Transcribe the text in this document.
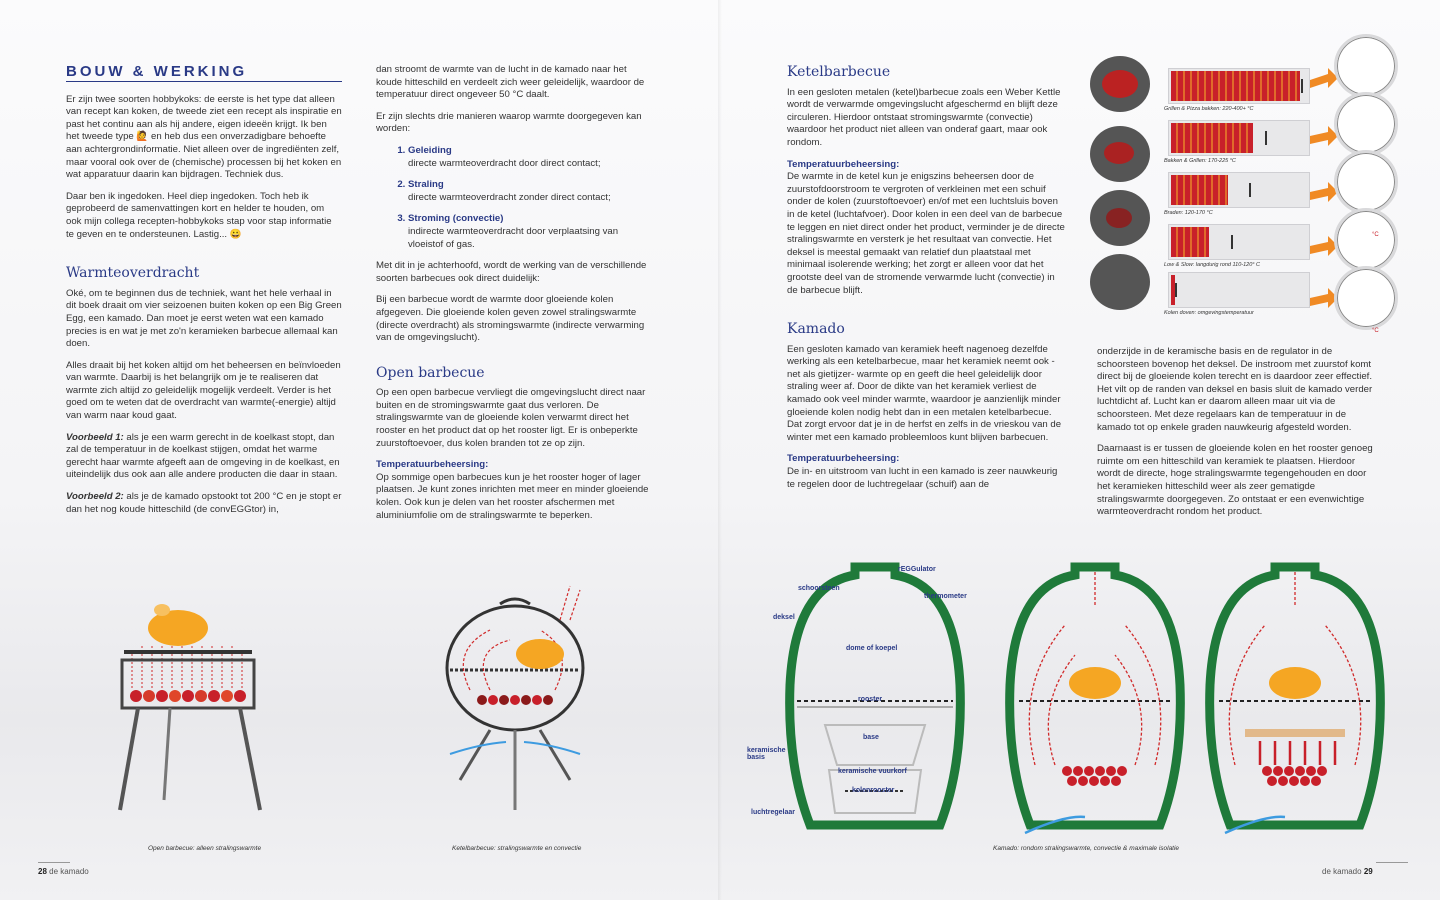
BOUW & WERKING

Er zijn twee soorten hobbykoks: de eerste is het type dat alleen van recept kan koken, de tweede ziet een recept als inspiratie en past het continu aan als hij andere, eigen ideeën krijgt. Ik ben het tweede type 🙋 en heb dus een onverzadigbare behoefte aan achtergrondinformatie. Niet alleen over de ingrediënten zelf, maar vooral ook over de (chemische) processen bij het koken en wat apparatuur daarin kan bijdragen. Techniek dus.

Daar ben ik ingedoken. Heel diep ingedoken. Toch heb ik geprobeerd de samenvattingen kort en helder te houden, om ook mijn collega recepten-hobbykoks stap voor stap informatie te geven en te ondersteunen. Lastig... 😀

Warmteoverdracht

Oké, om te beginnen dus de techniek, want het hele verhaal in dit boek draait om vier seizoenen buiten koken op een Big Green Egg, een kamado. Dan moet je eerst weten wat een kamado precies is en wat je met zo'n keramieken barbecue allemaal kan doen.

Alles draait bij het koken altijd om het beheersen en beïnvloeden van warmte. Daarbij is het belangrijk om je te realiseren dat warmte zich altijd zo geleidelijk mogelijk verdeelt. Verder is het goed om te weten dat de overdracht van warmte(-energie) altijd van warm naar koud gaat.

Voorbeeld 1: als je een warm gerecht in de koelkast stopt, dan zal de temperatuur in de koelkast stijgen, omdat het warme gerecht haar warmte afgeeft aan de omgeving in de koelkast, en uiteindelijk dus ook aan alle andere producten die daar in staan.

Voorbeeld 2: als je de kamado opstookt tot 200 °C en je stopt er dan het nog koude hitteschild (de convEGGtor) in,

dan stroomt de warmte van de lucht in de kamado naar het koude hitteschild en verdeelt zich weer geleidelijk, waardoor de temperatuur direct ongeveer 50 °C daalt.

Er zijn slechts drie manieren waarop warmte doorgegeven kan worden:

1. Geleiding
directe warmteoverdracht door direct contact;
2. Straling
directe warmteoverdracht zonder direct contact;
3. Stroming (convectie)
indirecte warmteoverdracht door verplaatsing van vloeistof of gas.

Met dit in je achterhoofd, wordt de werking van de verschillende soorten barbecues ook direct duidelijk:

Bij een barbecue wordt de warmte door gloeiende kolen afgegeven. Die gloeiende kolen geven zowel stralingswarmte (directe overdracht) als stromingswarmte (indirecte verwarming van de omgevingslucht).

Open barbecue

Op een open barbecue vervliegt die omgevingslucht direct naar buiten en de stromingswarmte gaat dus verloren. De stralingswarmte van de gloeiende kolen verwarmt direct het rooster en het product dat op het rooster ligt. Er is onbeperkte zuurstoftoevoer, dus kolen branden tot ze op zijn.

Temperatuurbeheersing:

Op sommige open barbecues kun je het rooster hoger of lager plaatsen. Je kunt zones inrichten met meer en minder gloeiende kolen. Ook kun je delen van het rooster afschermen met aluminiumfolie om de stralingswarmte te beperken.

Open barbecue: alleen stralingswarmte	Ketelbarbecue: stralingswarmte en convectie
28 de kamado
Ketelbarbecue

In een gesloten metalen (ketel)barbecue zoals een Weber Kettle wordt de verwarmde omgevingslucht afgeschermd en blijft deze circuleren. Hierdoor ontstaat stromingswarmte (convectie) waardoor het product niet alleen van onderaf gaart, maar ook rondom.

Temperatuurbeheersing:

De warmte in de ketel kun je enigszins beheersen door de zuurstofdoorstroom te vergroten of verkleinen met een schuif onder de kolen (zuurstoftoevoer) en/of met een luchtsluis boven in de ketel (luchtafvoer). Door kolen in een deel van de barbecue te leggen en niet direct onder het product, verminder je de directe stralingswarmte en versterk je het resultaat van convectie. Het deksel is meestal gemaakt van relatief dun plaatstaal met minimaal isolerende werking; het zorgt er alleen voor dat het grootste deel van de stromende verwarmde lucht (convectie) in de barbecue blijft.

Kamado

Een gesloten kamado van keramiek heeft nagenoeg dezelfde werking als een ketelbarbecue, maar het keramiek neemt ook -net als gietijzer- warmte op en geeft die heel geleidelijk door straling weer af. Door de dikte van het keramiek verliest de kamado ook veel minder warmte, waardoor je aanzienlijk minder gloeiende kolen nodig hebt dan in een metalen ketelbarbecue. Dat zorgt ervoor dat je in de herfst en zelfs in de vrieskou van de winter met een kamado probleemloos kunt blijven barbecuen.

Temperatuurbeheersing:

De in- en uitstroom van lucht in een kamado is zeer nauwkeurig te regelen door de luchtregelaar (schuif) aan de

onderzijde in de keramische basis en de regulator in de schoorsteen bovenop het deksel. De instroom met zuurstof komt direct bij de gloeiende kolen terecht en is daardoor zeer effectief. Het vilt op de randen van deksel en basis sluit de kamado verder luchtdicht af. Lucht kan er daarom alleen maar uit via de schoorsteen. Met deze regelaars kan de temperatuur in de kamado tot op enkele graden nauwkeurig afgesteld worden.

Daarnaast is er tussen de gloeiende kolen en het rooster genoeg ruimte om een hitteschild van keramiek te plaatsen. Hierdoor wordt de directe, hoge stralingswarmte tegengehouden en door het keramieken hitteschild weer als zeer gematigde stralingswarmte doorgegeven. Zo ontstaat er een evenwichtige warmteoverdracht rondom het product.

Grillen & Pizza bakken: 220-400+ °C
Bakken & Grillen: 170-225 °C
Braden: 120-170 °C
Low & Slow: langdurig rond 110-120° C
Kolen doven: omgevingstemperatuur
°C
°C
rEGGulator
schoorsteen
thermometer
deksel
dome of koepel
rooster
base
keramische basis
keramische vuurkorf
kolenrooster
luchtregelaar
Kamado: rondom stralingswarmte, convectie & maximale isolatie
de kamado 29
